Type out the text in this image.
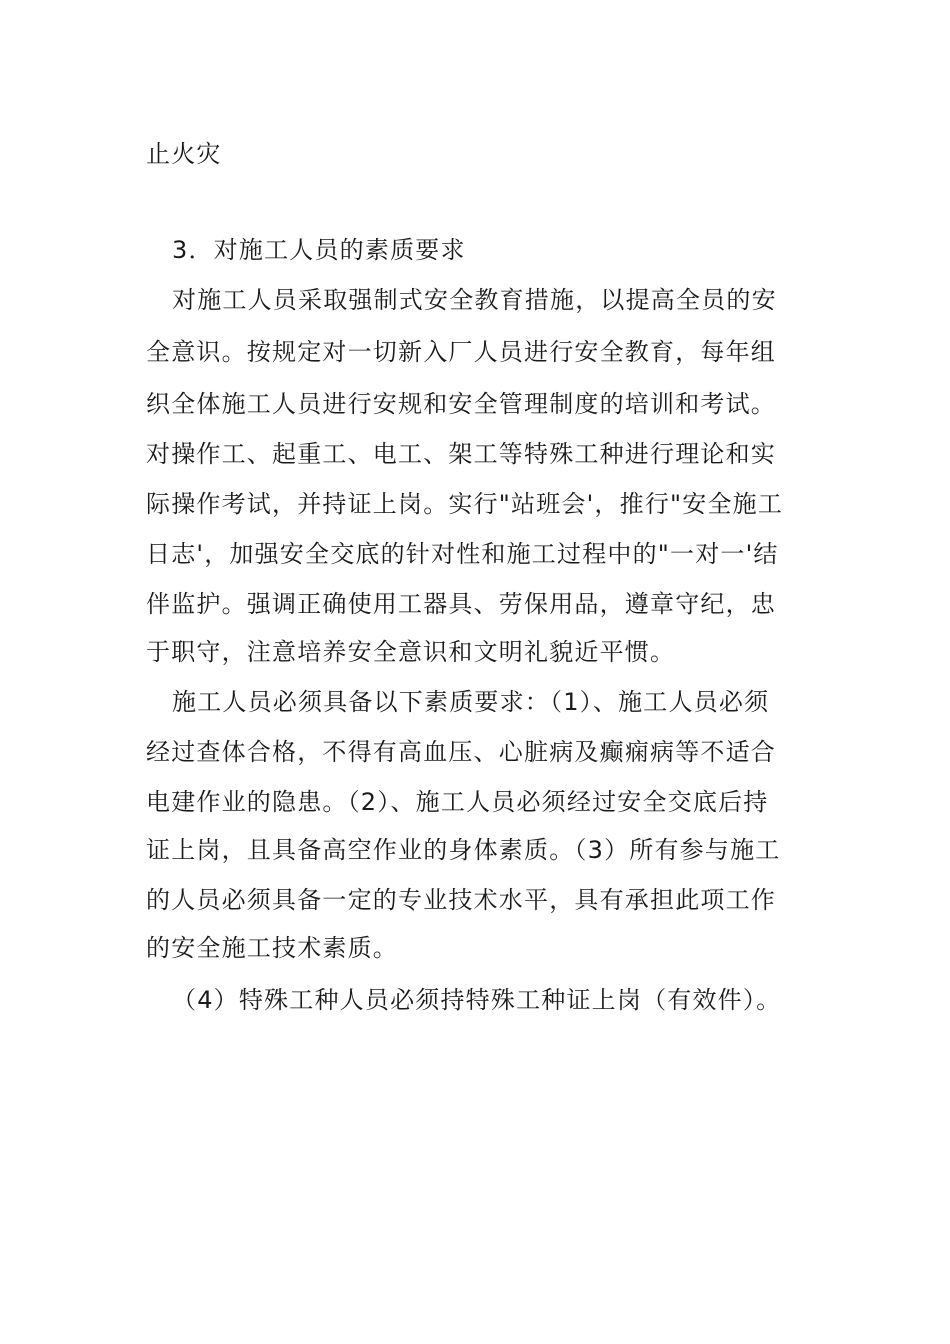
止火灾
3．对施工人员的素质要求
对施工人员采取强制式安全教育措施，以提高全员的安
全意识。按规定对一切新入厂人员进行安全教育，每年组
织全体施工人员进行安规和安全管理制度的培训和考试。
对操作工、起重工、电工、架工等特殊工种进行理论和实
际操作考试，并持证上岗。实行"站班会'，推行"安全施工
日志'，加强安全交底的针对性和施工过程中的"一对一'结
伴监护。强调正确使用工器具、劳保用品，遵章守纪，忠
于职守，注意培养安全意识和文明礼貌近平惯。
施工人员必须具备以下素质要求：（1）、施工人员必须
经过查体合格，不得有高血压、心脏病及癫痫病等不适合
电建作业的隐患。（2）、施工人员必须经过安全交底后持
证上岗，且具备高空作业的身体素质。（3）所有参与施工
的人员必须具备一定的专业技术水平，具有承担此项工作
的安全施工技术素质。
（4）特殊工种人员必须持特殊工种证上岗（有效件）。
